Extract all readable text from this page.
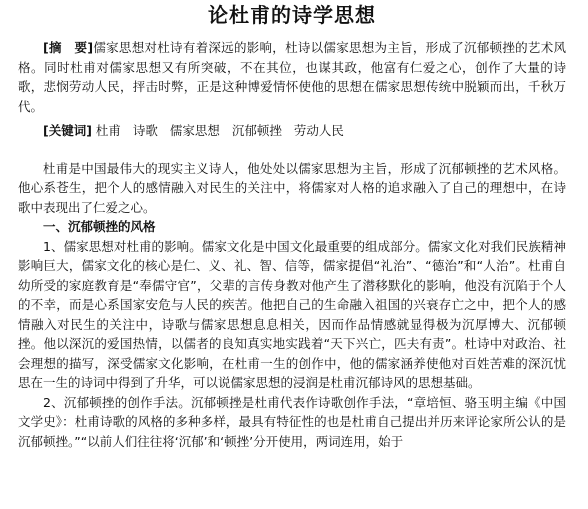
论杜甫的诗学思想

[摘　要]儒家思想对杜诗有着深远的影响，杜诗以儒家思想为主旨，形成了沉郁顿挫的艺术风格。同时杜甫对儒家思想又有所突破，不在其位，也谋其政，他富有仁爱之心，创作了大量的诗歌，悲悯劳动人民，抨击时弊，正是这种博爱情怀使他的思想在儒家思想传统中脱颖而出，千秋万代。

[关键词] 杜甫 诗歌 儒家思想 沉郁顿挫 劳动人民

杜甫是中国最伟大的现实主义诗人，他处处以儒家思想为主旨，形成了沉郁顿挫的艺术风格。他心系苍生，把个人的感情融入对民生的关注中，将儒家对人格的追求融入了自己的理想中，在诗歌中表现出了仁爱之心。

一、沉郁顿挫的风格

1、儒家思想对杜甫的影响。儒家文化是中国文化最重要的组成部分。儒家文化对我们民族精神影响巨大，儒家文化的核心是仁、义、礼、智、信等，儒家提倡“礼治”、“德治”和“人治”。杜甫自幼所受的家庭教育是“奉儒守官”，父辈的言传身教对他产生了潜移默化的影响，他没有沉陷于个人的不幸，而是心系国家安危与人民的疾苦。他把自己的生命融入祖国的兴衰存亡之中，把个人的感情融入对民生的关注中，诗歌与儒家思想息息相关，因而作品情感就显得极为沉厚博大、沉郁顿挫。他以深沉的爱国热情，以儒者的良知真实地实践着“天下兴亡，匹夫有责”。杜诗中对政治、社会理想的描写，深受儒家文化影响，在杜甫一生的创作中，他的儒家涵养使他对百姓苦难的深沉忧思在一生的诗词中得到了升华，可以说儒家思想的浸润是杜甫沉郁诗风的思想基础。

2、沉郁顿挫的创作手法。沉郁顿挫是杜甫代表作诗歌创作手法，“章培恒、骆玉明主编《中国文学史》：杜甫诗歌的风格的多种多样，最具有特征性的也是杜甫自己提出并历来评论家所公认的是沉郁顿挫。”“以前人们往往将‘沉郁’和‘顿挫’分开使用，两词连用，始于
